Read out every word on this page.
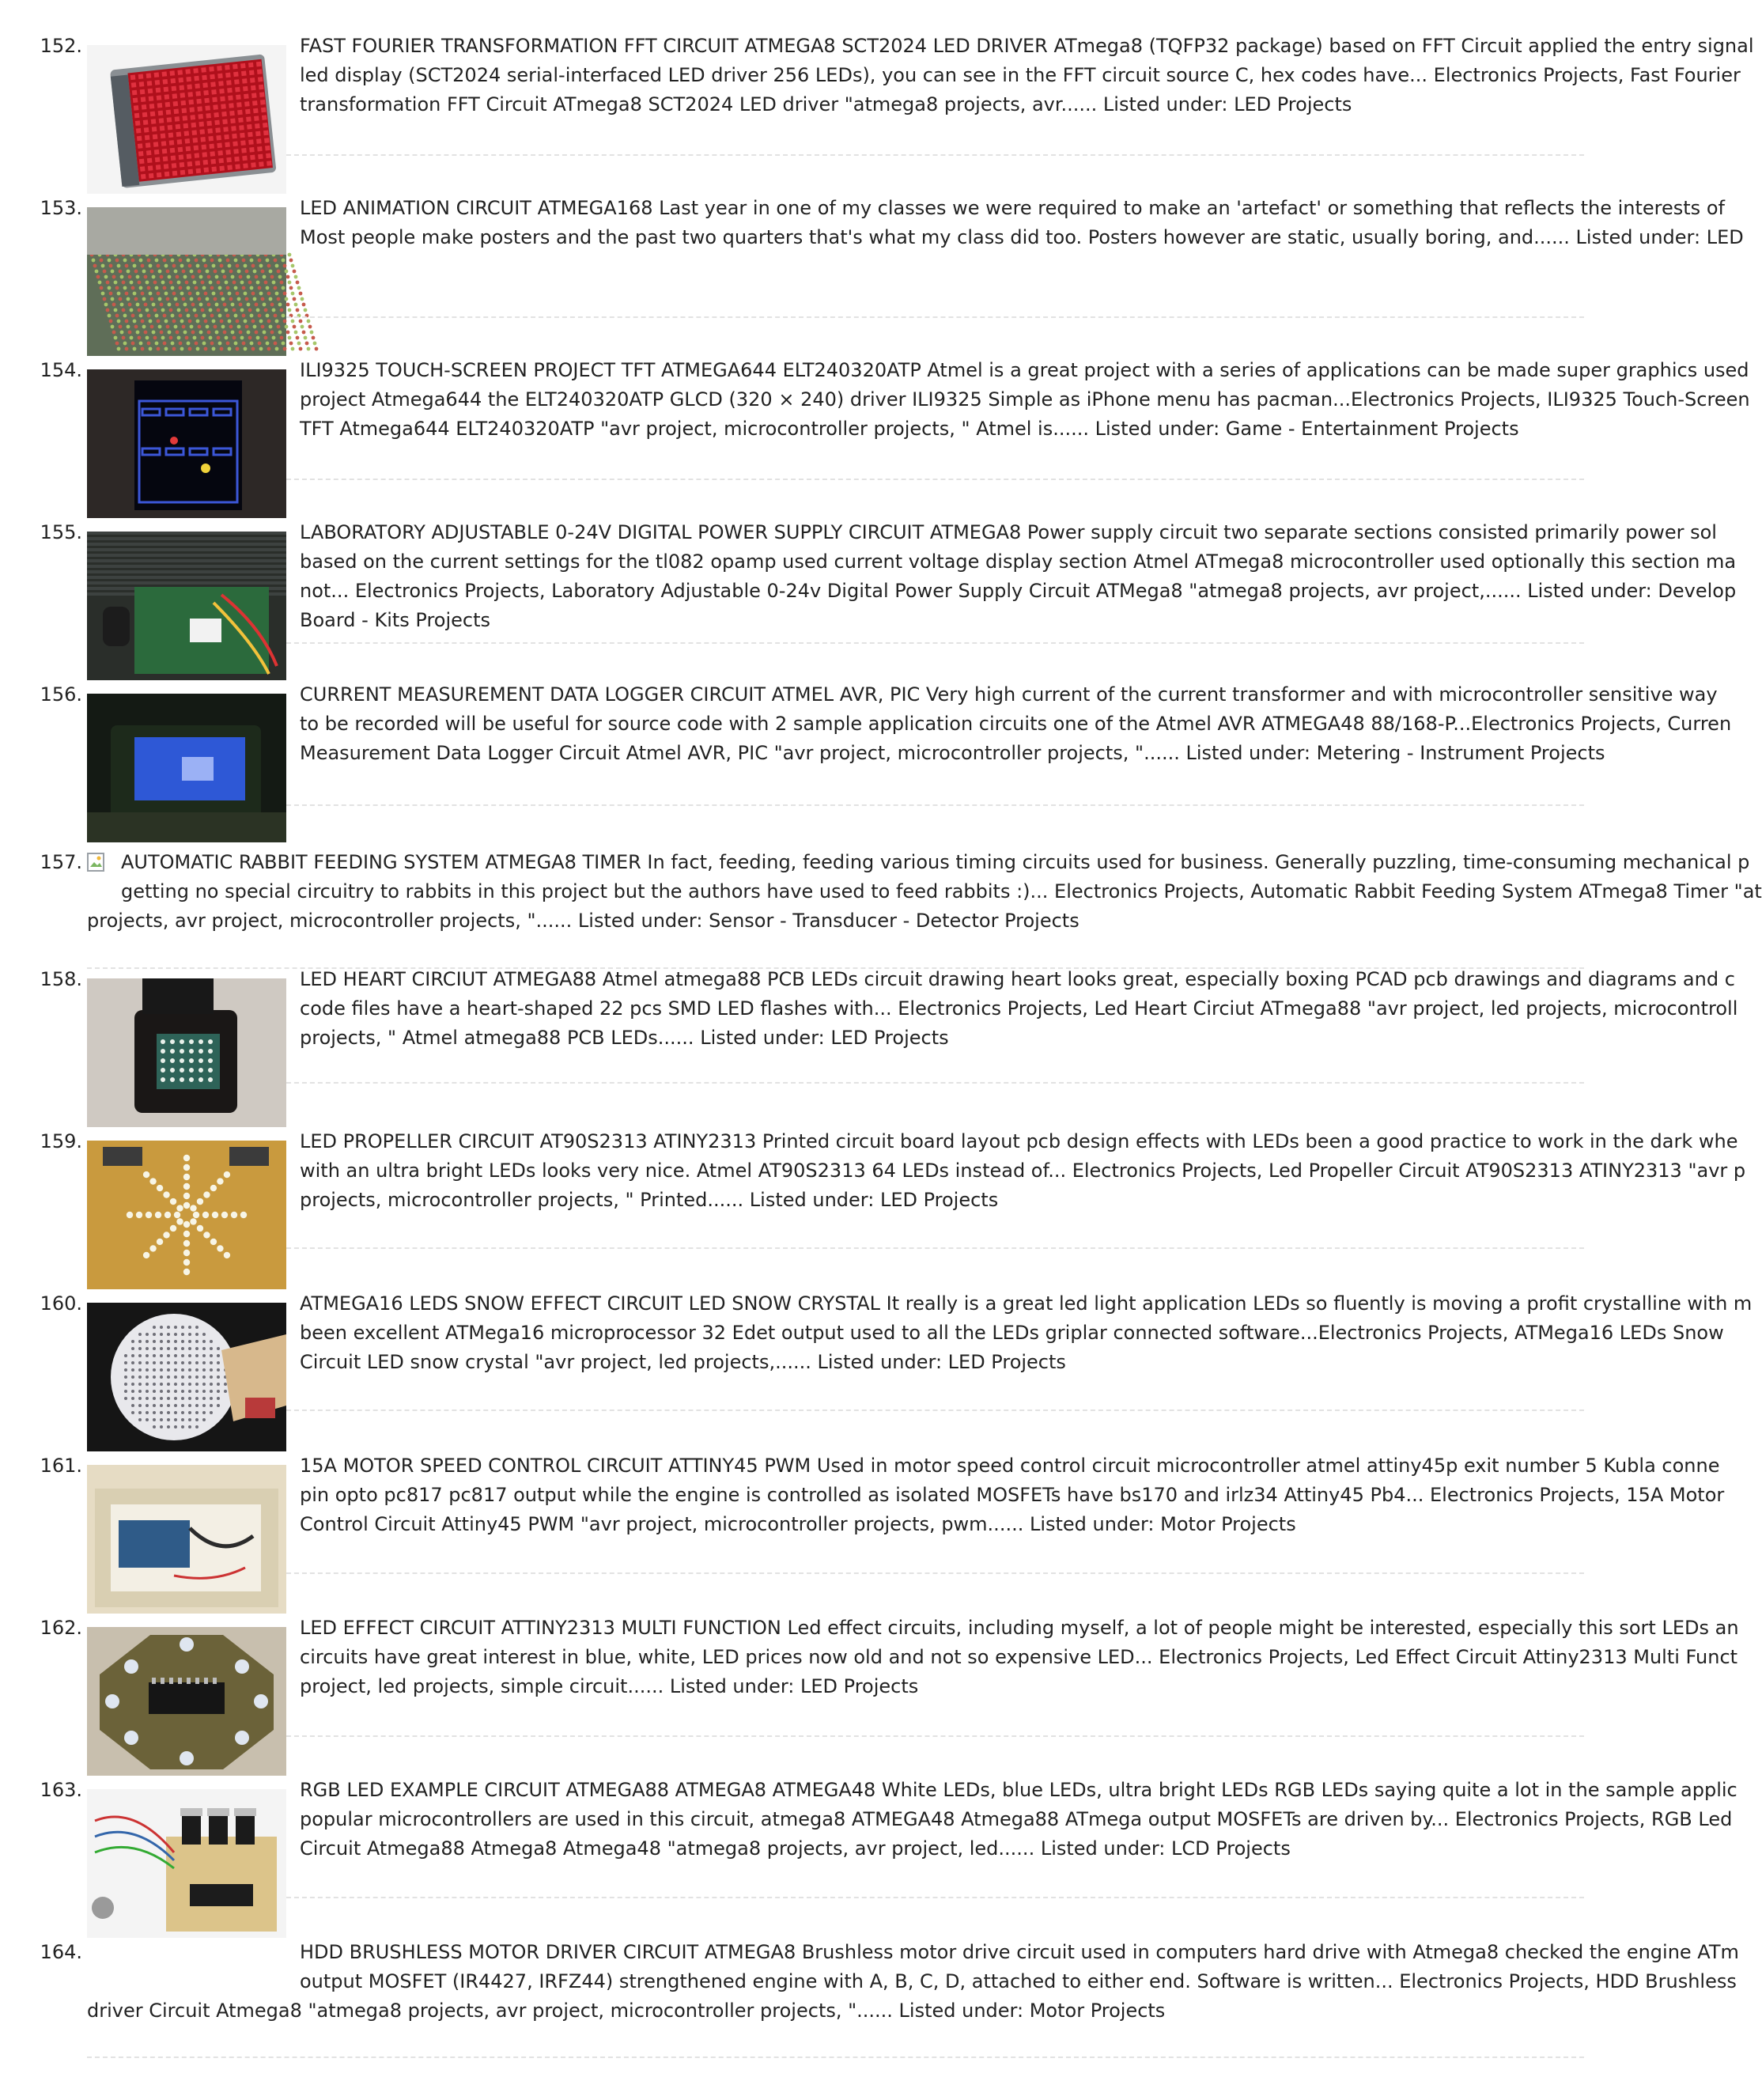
152.	FAST FOURIER TRANSFORMATION FFT CIRCUIT ATMEGA8 SCT2024 LED DRIVER ATmega8 (TQFP32 package) based on FFT Circuit applied the entry signal
led display (SCT2024 serial-interfaced LED driver 256 LEDs), you can see in the FFT circuit source C, hex codes have... Electronics Projects, Fast Fourier
transformation FFT Circuit ATmega8 SCT2024 LED driver "atmega8 projects, avr...... Listed under: LED Projects
153.	LED ANIMATION CIRCUIT ATMEGA168 Last year in one of my classes we were required to make an 'artefact' or something that reflects the interests of
Most people make posters and the past two quarters that's what my class did too. Posters however are static, usually boring, and...... Listed under: LED
154.	ILI9325 TOUCH-SCREEN PROJECT TFT ATMEGA644 ELT240320ATP Atmel is a great project with a series of applications can be made super graphics used
project Atmega644 the ELT240320ATP GLCD (320 × 240) driver ILI9325 Simple as iPhone menu has pacman...Electronics Projects, ILI9325 Touch-Screen
TFT Atmega644 ELT240320ATP "avr project, microcontroller projects, " Atmel is...... Listed under: Game - Entertainment Projects
155.	LABORATORY ADJUSTABLE 0-24V DIGITAL POWER SUPPLY CIRCUIT ATMEGA8 Power supply circuit two separate sections consisted primarily power sol
based on the current settings for the tl082 opamp used current voltage display section Atmel ATmega8 microcontroller used optionally this section ma
not... Electronics Projects, Laboratory Adjustable 0-24v Digital Power Supply Circuit ATMega8 "atmega8 projects, avr project,...... Listed under: Develop
Board - Kits Projects
156.	CURRENT MEASUREMENT DATA LOGGER CIRCUIT ATMEL AVR, PIC Very high current of the current transformer and with microcontroller sensitive way
to be recorded will be useful for source code with 2 sample application circuits one of the Atmel AVR ATMEGA48 88/168-P...Electronics Projects, Curren
Measurement Data Logger Circuit Atmel AVR, PIC "avr project, microcontroller projects, "...... Listed under: Metering - Instrument Projects
157. AUTOMATIC RABBIT FEEDING SYSTEM ATMEGA8 TIMER In fact, feeding, feeding various timing circuits used for business. Generally puzzling, time-consuming mechanical p
getting no special circuitry to rabbits in this project but the authors have used to feed rabbits :)... Electronics Projects, Automatic Rabbit Feeding System ATmega8 Timer "at
projects, avr project, microcontroller projects, "...... Listed under: Sensor - Transducer - Detector Projects
158.	LED HEART CIRCIUT ATMEGA88 Atmel atmega88 PCB LEDs circuit drawing heart looks great, especially boxing PCAD pcb drawings and diagrams and c
code files have a heart-shaped 22 pcs SMD LED flashes with... Electronics Projects, Led Heart Circiut ATmega88 "avr project, led projects, microcontroll
projects, " Atmel atmega88 PCB LEDs...... Listed under: LED Projects
159.	LED PROPELLER CIRCUIT AT90S2313 ATINY2313 Printed circuit board layout pcb design effects with LEDs been a good practice to work in the dark whe
with an ultra bright LEDs looks very nice. Atmel AT90S2313 64 LEDs instead of... Electronics Projects, Led Propeller Circuit AT90S2313 ATINY2313 "avr p
projects, microcontroller projects, " Printed...... Listed under: LED Projects
160.	ATMEGA16 LEDS SNOW EFFECT CIRCUIT LED SNOW CRYSTAL It really is a great led light application LEDs so fluently is moving a profit crystalline with m
been excellent ATMega16 microprocessor 32 Edet output used to all the LEDs griplar connected software...Electronics Projects, ATMega16 LEDs Snow
Circuit LED snow crystal "avr project, led projects,...... Listed under: LED Projects
161.	15A MOTOR SPEED CONTROL CIRCUIT ATTINY45 PWM Used in motor speed control circuit microcontroller atmel attiny45p exit number 5 Kubla conne
pin opto pc817 pc817 output while the engine is controlled as isolated MOSFETs have bs170 and irlz34 Attiny45 Pb4... Electronics Projects, 15A Motor
Control Circuit Attiny45 PWM "avr project, microcontroller projects, pwm...... Listed under: Motor Projects
162.	LED EFFECT CIRCUIT ATTINY2313 MULTI FUNCTION Led effect circuits, including myself, a lot of people might be interested, especially this sort LEDs an
circuits have great interest in blue, white, LED prices now old and not so expensive LED... Electronics Projects, Led Effect Circuit Attiny2313 Multi Funct
project, led projects, simple circuit...... Listed under: LED Projects
163.	RGB LED EXAMPLE CIRCUIT ATMEGA88 ATMEGA8 ATMEGA48 White LEDs, blue LEDs, ultra bright LEDs RGB LEDs saying quite a lot in the sample applic
popular microcontrollers are used in this circuit, atmega8 ATMEGA48 Atmega88 ATmega output MOSFETs are driven by... Electronics Projects, RGB Led
Circuit Atmega88 Atmega8 Atmega48 "atmega8 projects, avr project, led...... Listed under: LCD Projects
164.	HDD BRUSHLESS MOTOR DRIVER CIRCUIT ATMEGA8 Brushless motor drive circuit used in computers hard drive with Atmega8 checked the engine ATm
output MOSFET (IR4427, IRFZ44) strengthened engine with A, B, C, D, attached to either end. Software is written... Electronics Projects, HDD Brushless
driver Circuit Atmega8 "atmega8 projects, avr project, microcontroller projects, "...... Listed under: Motor Projects
